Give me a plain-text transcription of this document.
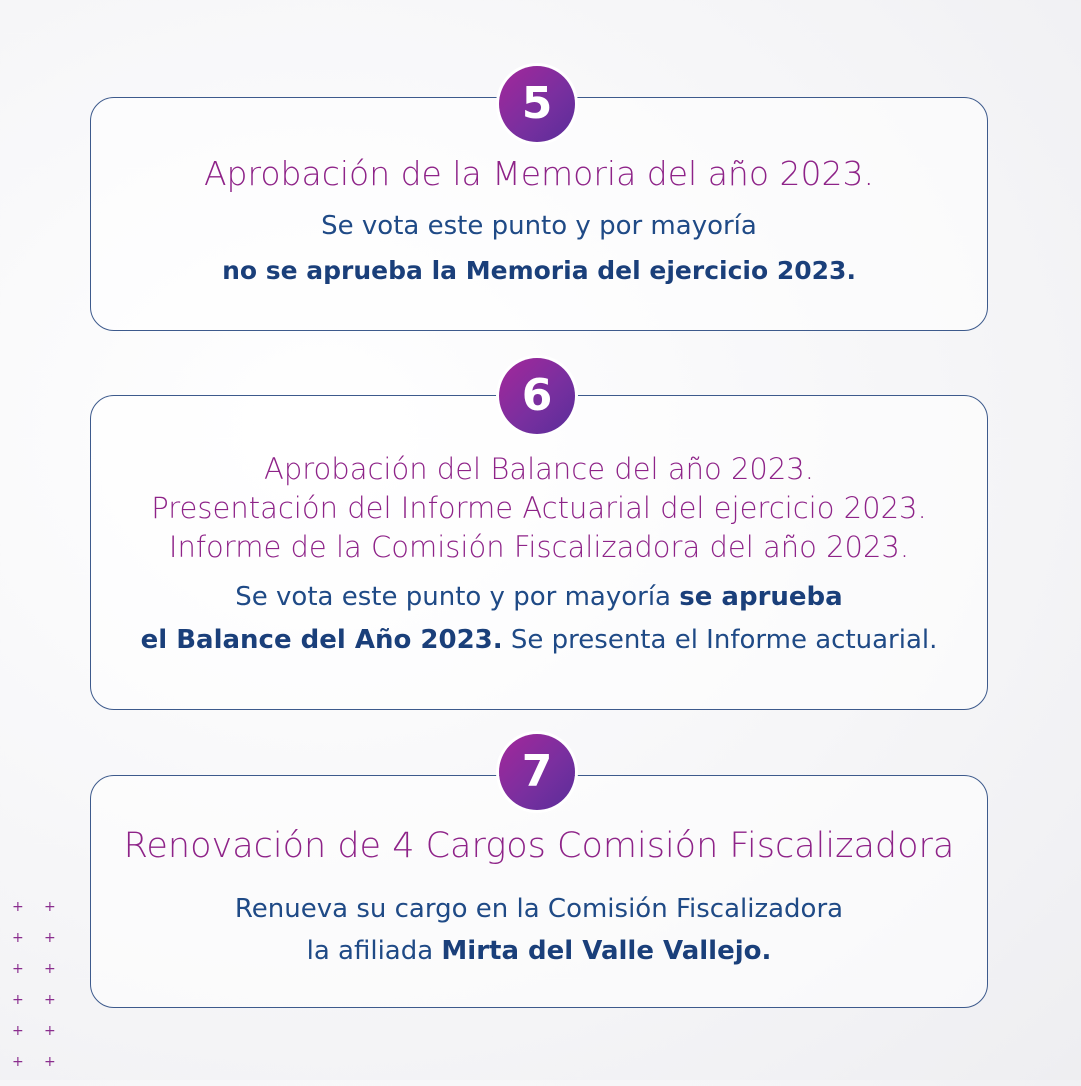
Aprobación de la Memoria del año 2023.
Se vota este punto y por mayoría
no se aprueba la Memoria del ejercicio 2023.
5
Aprobación del Balance del año 2023.
Presentación del Informe Actuarial del ejercicio 2023.
Informe de la Comisión Fiscalizadora del año 2023.
Se vota este punto y por mayoría se aprueba
el Balance del Año 2023. Se presenta el Informe actuarial.
6
Renovación de 4 Cargos Comisión Fiscalizadora
Renueva su cargo en la Comisión Fiscalizadora
la afiliada Mirta del Valle Vallejo.
7
+	+
+	+
+	+
+	+
+	+
+	+
